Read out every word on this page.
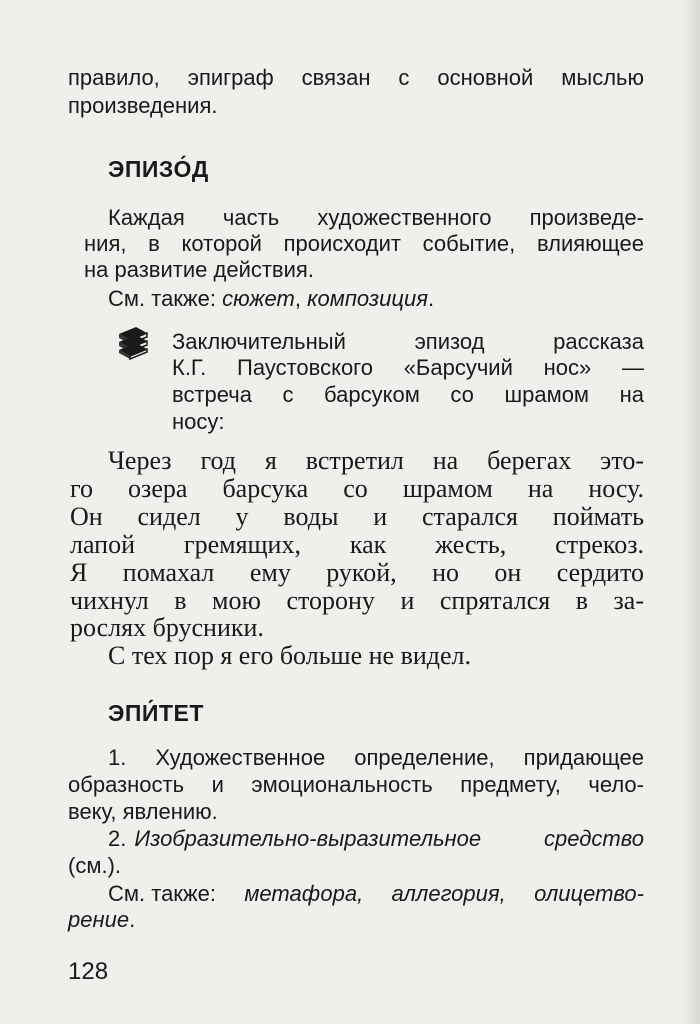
правило, эпиграф связан с основной мыслью

произведения.

ЭПИЗО́Д

Каждая часть художественного произведе-

ния, в которой происходит событие, влияющее

на развитие действия.

См. также: сюжет, композиция.

Заключительный эпизод рассказа

К.Г. Паустовского «Барсучий нос» —

встреча с барсуком со шрамом на

носу:

Через год я встретил на берегах это-

го озера барсука со шрамом на носу.

Он сидел у воды и старался поймать

лапой гремящих, как жесть, стрекоз.

Я помахал ему рукой, но он сердито

чихнул в мою сторону и спрятался в за-

рослях брусники.

С тех пор я его больше не видел.

ЭПИ́ТЕТ

1. Художественное определение, придающее

образность и эмоциональность предмету, чело-

веку, явлению.

2. Изобразительно-выразительное средство

(см.).

См. также: метафора, аллегория, олицетво-

рение.

128
